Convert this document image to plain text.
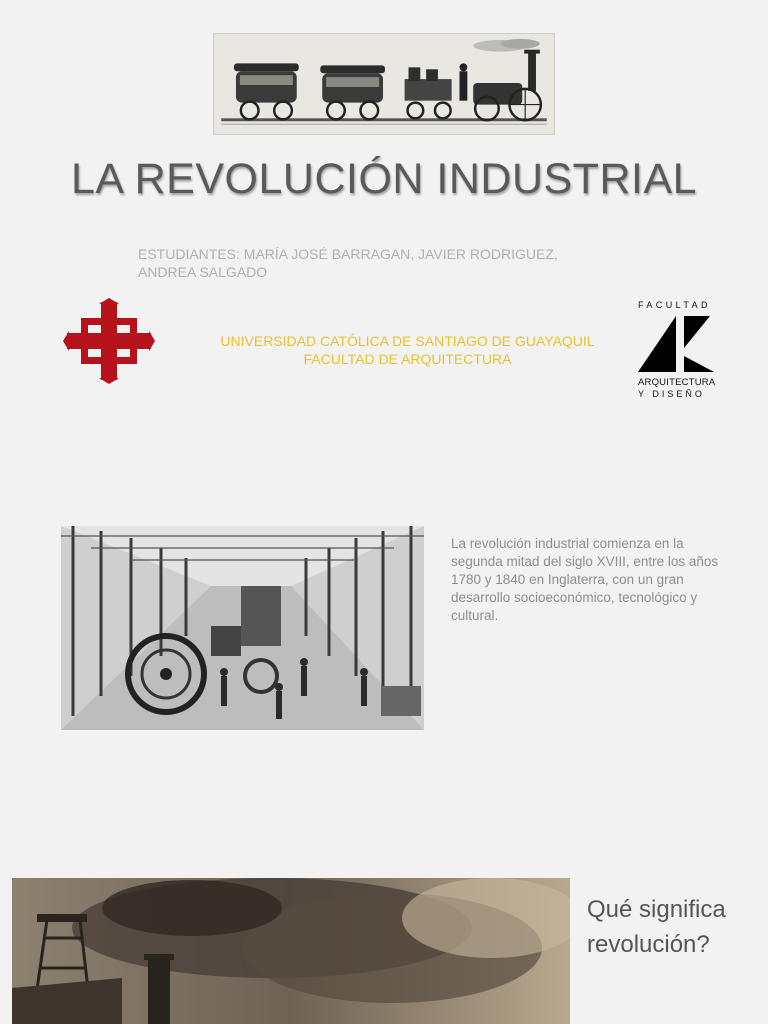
LA REVOLUCIÓN INDUSTRIAL
ESTUDIANTES: MARÍA JOSÉ BARRAGAN, JAVIER RODRIGUEZ, ANDREA SALGADO
UNIVERSIDAD CATÓLICA DE SANTIAGO DE GUAYAQUIL
FACULTAD DE ARQUITECTURA
FACULTAD
ARQUITECTURA
Y DISEÑO
La revolución industrial comienza en la segunda mitad del siglo XVIII, entre los años 1780 y 1840 en Inglaterra, con un gran desarrollo socioeconómico, tecnológico y cultural.
Qué significa revolución?
